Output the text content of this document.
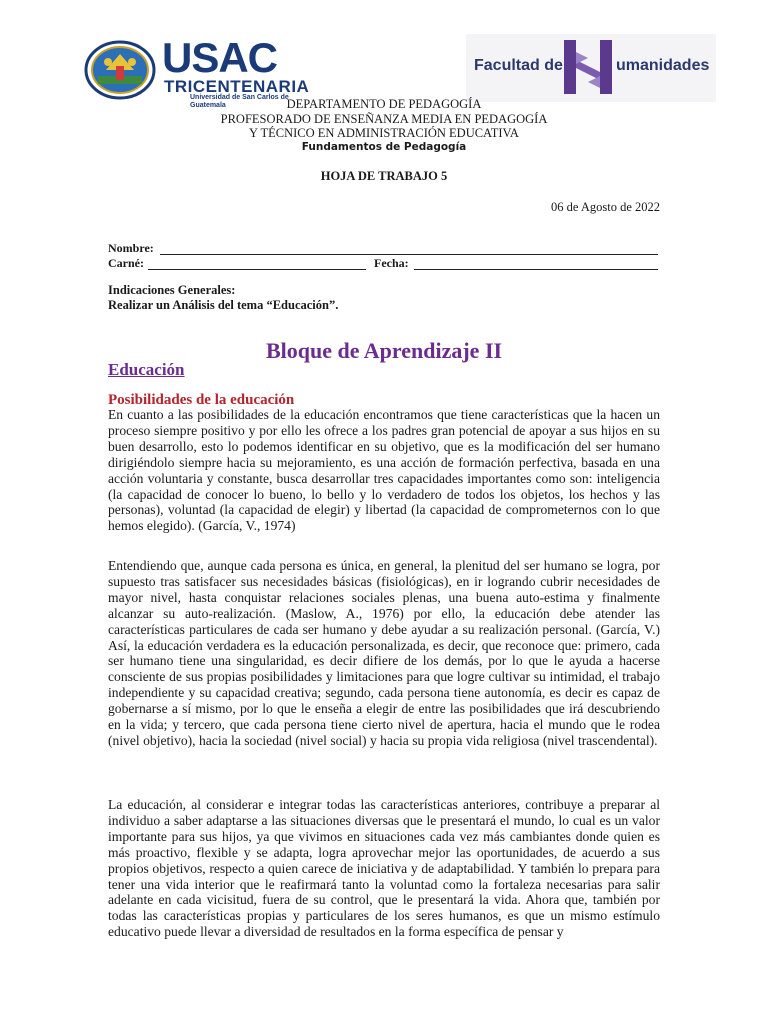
USAC
TRICENTENARIA
Universidad de San Carlos de Guatemala
Facultad de	umanidades
DEPARTAMENTO DE PEDAGOGÍA
PROFESORADO DE ENSEÑANZA MEDIA EN PEDAGOGÍA
Y TÉCNICO EN ADMINISTRACIÓN EDUCATIVA
Fundamentos de Pedagogía
HOJA DE TRABAJO 5
06 de Agosto de 2022
Nombre:
Carné:	Fecha:
Indicaciones Generales:
Realizar un Análisis del tema “Educación”.
Bloque de Aprendizaje II
Educación
Posibilidades de la educación
En cuanto a las posibilidades de la educación encontramos que tiene características que la hacen un proceso siempre positivo y por ello les ofrece a los padres gran potencial de apoyar a sus hijos en su buen desarrollo, esto lo podemos identificar en su objetivo, que es la modificación del ser humano dirigiéndolo siempre hacia su mejoramiento, es una acción de formación perfectiva, basada en una acción voluntaria y constante, busca desarrollar tres capacidades importantes como son: inteligencia (la capacidad de conocer lo bueno, lo bello y lo verdadero de todos los objetos, los hechos y las personas), voluntad (la capacidad de elegir) y libertad (la capacidad de comprometernos con lo que hemos elegido). (García, V., 1974)
Entendiendo que, aunque cada persona es única, en general, la plenitud del ser humano se logra, por supuesto tras satisfacer sus necesidades básicas (fisiológicas), en ir logrando cubrir necesidades de mayor nivel, hasta conquistar relaciones sociales plenas, una buena auto-estima y finalmente alcanzar su auto-realización. (Maslow, A., 1976) por ello, la educación debe atender las características particulares de cada ser humano y debe ayudar a su realización personal. (García, V.) Así, la educación verdadera es la educación personalizada, es decir, que reconoce que: primero, cada ser humano tiene una singularidad, es decir difiere de los demás, por lo que le ayuda a hacerse consciente de sus propias posibilidades y limitaciones para que logre cultivar su intimidad, el trabajo independiente y su capacidad creativa; segundo, cada persona tiene autonomía, es decir es capaz de gobernarse a sí mismo, por lo que le enseña a elegir de entre las posibilidades que irá descubriendo en la vida; y tercero, que cada persona tiene cierto nivel de apertura, hacia el mundo que le rodea (nivel objetivo), hacia la sociedad (nivel social) y hacia su propia vida religiosa (nivel trascendental).
La educación, al considerar e integrar todas las características anteriores, contribuye a preparar al individuo a saber adaptarse a las situaciones diversas que le presentará el mundo, lo cual es un valor importante para sus hijos, ya que vivimos en situaciones cada vez más cambiantes donde quien es más proactivo, flexible y se adapta, logra aprovechar mejor las oportunidades, de acuerdo a sus propios objetivos, respecto a quien carece de iniciativa y de adaptabilidad. Y también lo prepara para tener una vida interior que le reafirmará tanto la voluntad como la fortaleza necesarias para salir adelante en cada vicisitud, fuera de su control, que le presentará la vida. Ahora que, también por todas las características propias y particulares de los seres humanos, es que un mismo estímulo educativo puede llevar a diversidad de resultados en la forma específica de pensar y
